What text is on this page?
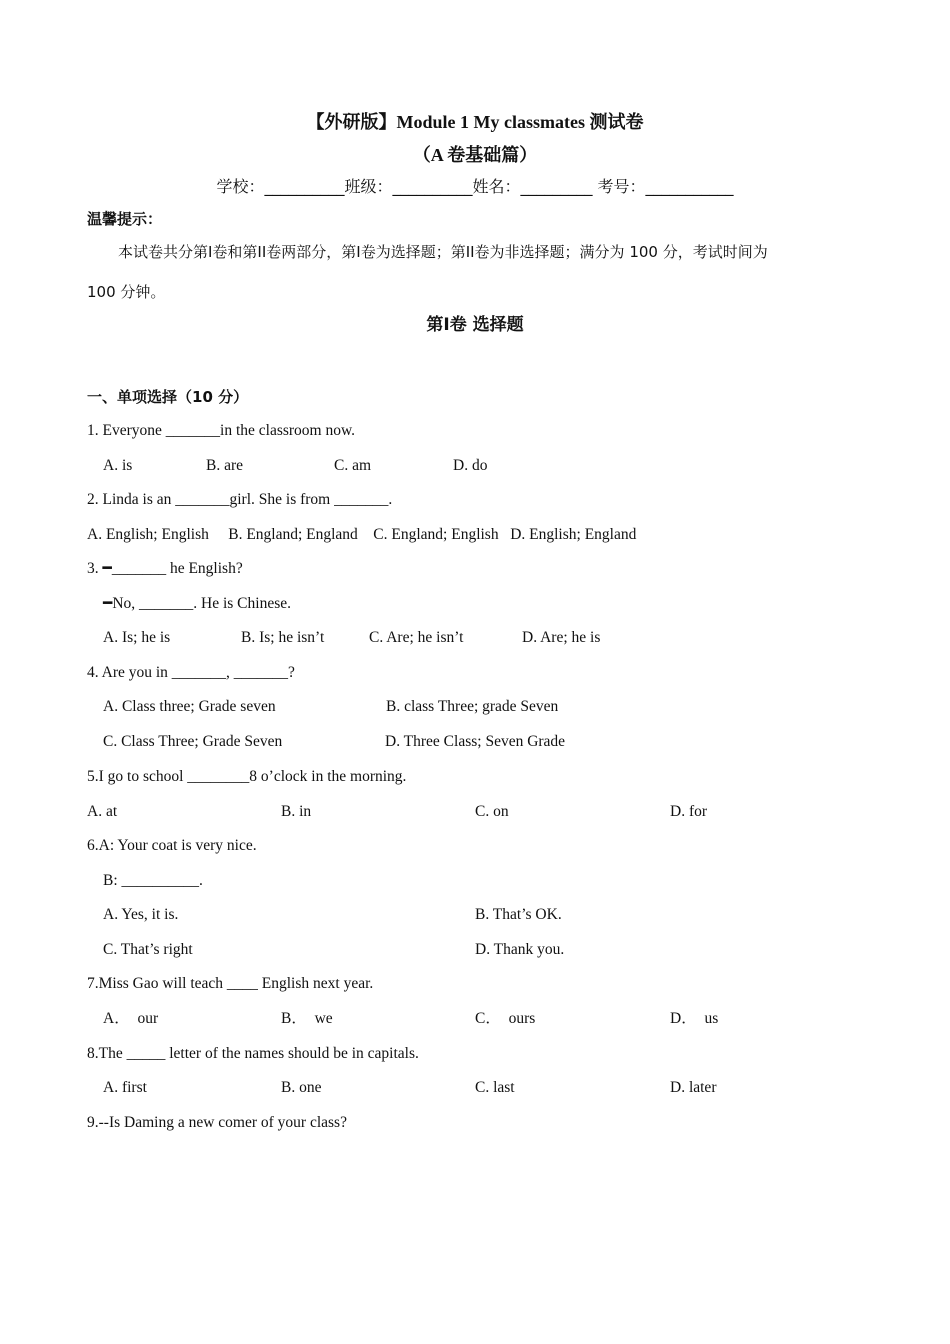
【外研版】Module 1 My classmates 测试卷
（A 卷基础篇）
学校：__________班级：__________姓名：_________ 考号：___________
温馨提示：
本试卷共分第I卷和第II卷两部分，第I卷为选择题；第II卷为非选择题；满分为 100 分，考试时间为
100 分钟。
第I卷 选择题
一、单项选择（10 分）
1. Everyone _______in the classroom now.
A. is	B. are	C. am	D. do
2. Linda is an _______girl. She is from _______.
A. English; English     B. England; England    C. England; English   D. English; England
3. ━_______ he English?
━No, _______. He is Chinese.
A. Is; he is	B. Is; he isn’t	C. Are; he isn’t	D. Are; he is
4. Are you in _______, _______?
A. Class three; Grade seven	B. class Three; grade Seven
C. Class Three; Grade Seven	D. Three Class; Seven Grade
5.I go to school ________8 o’clock in the morning.
A. at	B. in	C. on	D. for
6.A: Your coat is very nice.
B: __________.
A. Yes, it is.	B. That’s OK.
C. That’s right	D. Thank you.
7.Miss Gao will teach ____ English next year.
A．  our	B．  we	C．  ours	D．  us
8.The _____ letter of the names should be in capitals.
A. first	B. one	C. last	D. later
9.--Is Daming a new comer of your class?
